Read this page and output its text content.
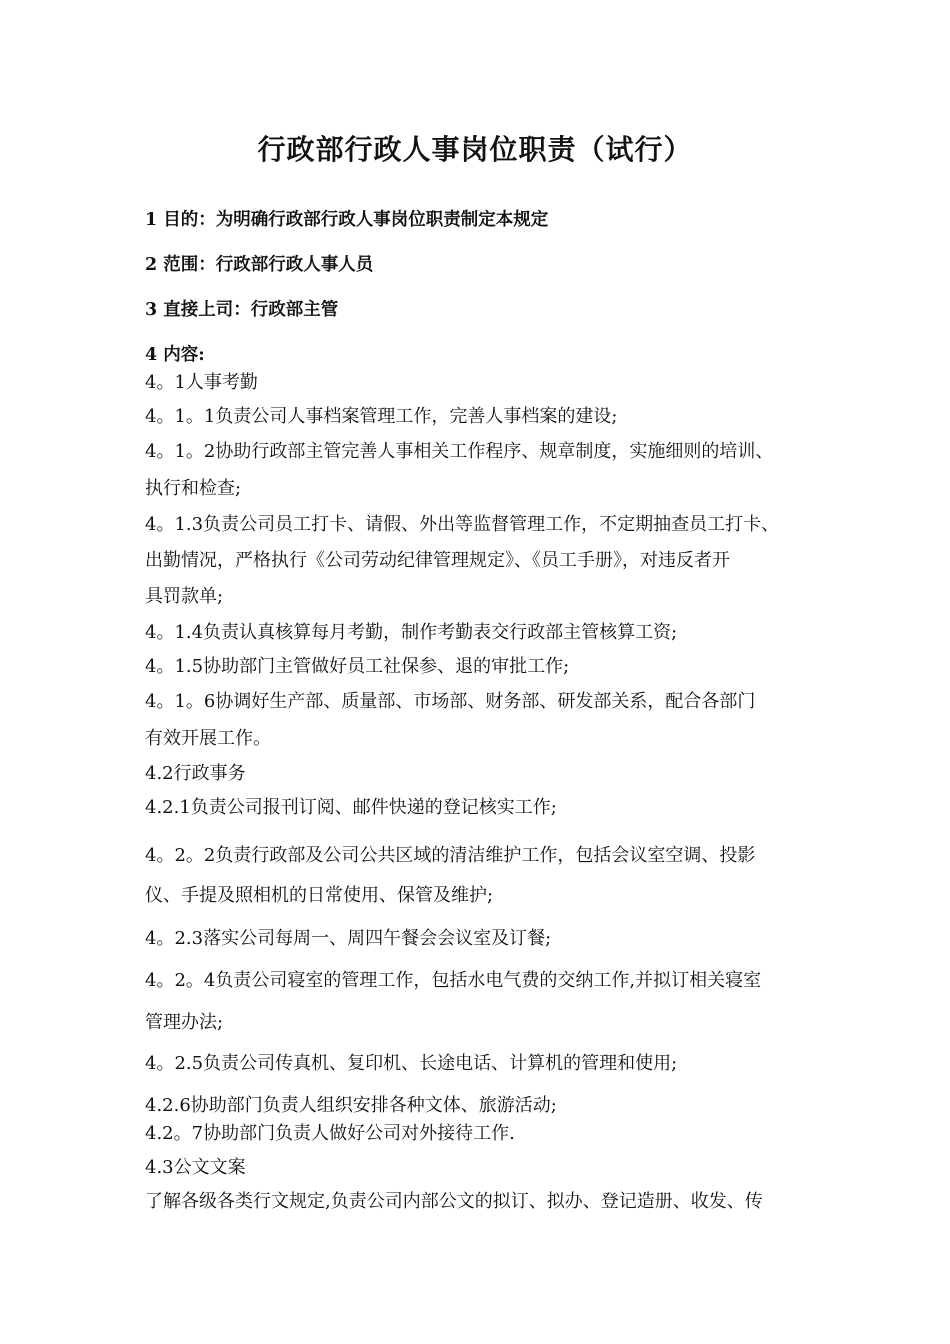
行政部行政人事岗位职责（试行）
1 目的：为明确行政部行政人事岗位职责制定本规定
2 范围：行政部行政人事人员
3 直接上司：行政部主管
4 内容:
4。1人事考勤
4。1。1负责公司人事档案管理工作，完善人事档案的建设;
4。1。2协助行政部主管完善人事相关工作程序、规章制度，实施细则的培训、
执行和检查;
4。1.3负责公司员工打卡、请假、外出等监督管理工作，不定期抽查员工打卡、
出勤情况，严格执行《公司劳动纪律管理规定》、《员工手册》，对违反者开
具罚款单;
4。1.4负责认真核算每月考勤，制作考勤表交行政部主管核算工资;
4。1.5协助部门主管做好员工社保参、退的审批工作;
4。1。6协调好生产部、质量部、市场部、财务部、研发部关系，配合各部门
有效开展工作。
4.2行政事务
4.2.1负责公司报刊订阅、邮件快递的登记核实工作;
4。2。2负责行政部及公司公共区域的清洁维护工作，包括会议室空调、投影
仪、手提及照相机的日常使用、保管及维护;
4。2.3落实公司每周一、周四午餐会会议室及订餐;
4。2。4负责公司寝室的管理工作，包括水电气费的交纳工作,并拟订相关寝室
管理办法;
4。2.5负责公司传真机、复印机、长途电话、计算机的管理和使用;
4.2.6协助部门负责人组织安排各种文体、旅游活动;
4.2。7协助部门负责人做好公司对外接待工作.
4.3公文文案
了解各级各类行文规定,负责公司内部公文的拟订、拟办、登记造册、收发、传
